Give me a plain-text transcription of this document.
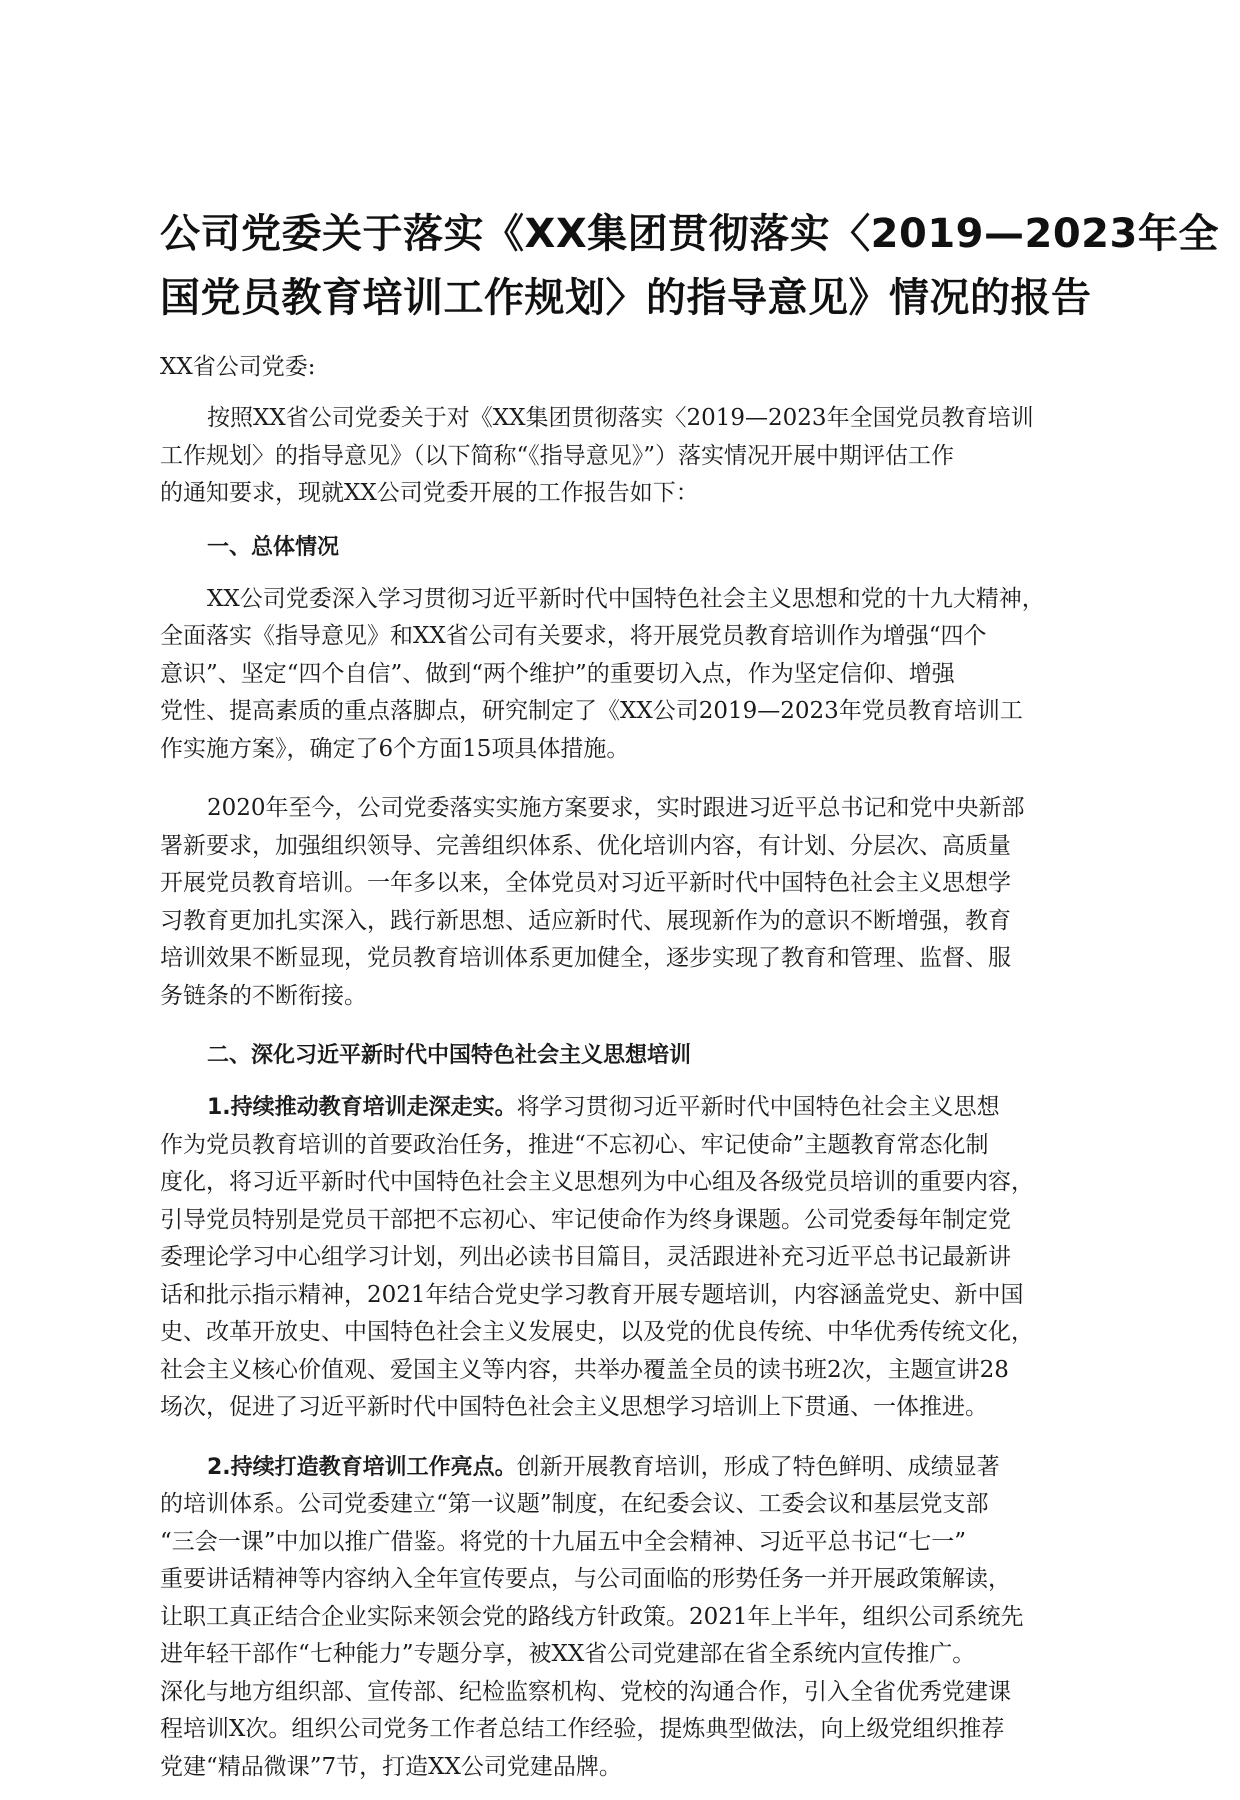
公司党委关于落实《XX集团贯彻落实〈2019—2023年全
国党员教育培训工作规划〉的指导意见》情况的报告
XX省公司党委:
按照XX省公司党委关于对《XX集团贯彻落实〈2019—2023年全国党员教育培训
工作规划〉的指导意见》（以下简称“《指导意见》”）落实情况开展中期评估工作
的通知要求，现就XX公司党委开展的工作报告如下：
一、总体情况
XX公司党委深入学习贯彻习近平新时代中国特色社会主义思想和党的十九大精神，
全面落实《指导意见》和XX省公司有关要求，将开展党员教育培训作为增强“四个
意识”、坚定“四个自信”、做到“两个维护”的重要切入点，作为坚定信仰、增强
党性、提高素质的重点落脚点，研究制定了《XX公司2019—2023年党员教育培训工
作实施方案》，确定了6个方面15项具体措施。
2020年至今，公司党委落实实施方案要求，实时跟进习近平总书记和党中央新部
署新要求，加强组织领导、完善组织体系、优化培训内容，有计划、分层次、高质量
开展党员教育培训。一年多以来，全体党员对习近平新时代中国特色社会主义思想学
习教育更加扎实深入，践行新思想、适应新时代、展现新作为的意识不断增强，教育
培训效果不断显现，党员教育培训体系更加健全，逐步实现了教育和管理、监督、服
务链条的不断衔接。
二、深化习近平新时代中国特色社会主义思想培训
1.持续推动教育培训走深走实。将学习贯彻习近平新时代中国特色社会主义思想
作为党员教育培训的首要政治任务，推进“不忘初心、牢记使命”主题教育常态化制
度化，将习近平新时代中国特色社会主义思想列为中心组及各级党员培训的重要内容，
引导党员特别是党员干部把不忘初心、牢记使命作为终身课题。公司党委每年制定党
委理论学习中心组学习计划，列出必读书目篇目，灵活跟进补充习近平总书记最新讲
话和批示指示精神，2021年结合党史学习教育开展专题培训，内容涵盖党史、新中国
史、改革开放史、中国特色社会主义发展史，以及党的优良传统、中华优秀传统文化，
社会主义核心价值观、爱国主义等内容，共举办覆盖全员的读书班2次，主题宣讲28
场次，促进了习近平新时代中国特色社会主义思想学习培训上下贯通、一体推进。
2.持续打造教育培训工作亮点。创新开展教育培训，形成了特色鲜明、成绩显著
的培训体系。公司党委建立“第一议题”制度，在纪委会议、工委会议和基层党支部
“三会一课”中加以推广借鉴。将党的十九届五中全会精神、习近平总书记“七一”
重要讲话精神等内容纳入全年宣传要点，与公司面临的形势任务一并开展政策解读，
让职工真正结合企业实际来领会党的路线方针政策。2021年上半年，组织公司系统先
进年轻干部作“七种能力”专题分享，被XX省公司党建部在省全系统内宣传推广。
深化与地方组织部、宣传部、纪检监察机构、党校的沟通合作，引入全省优秀党建课
程培训X次。组织公司党务工作者总结工作经验，提炼典型做法，向上级党组织推荐
党建“精品微课”7节，打造XX公司党建品牌。
